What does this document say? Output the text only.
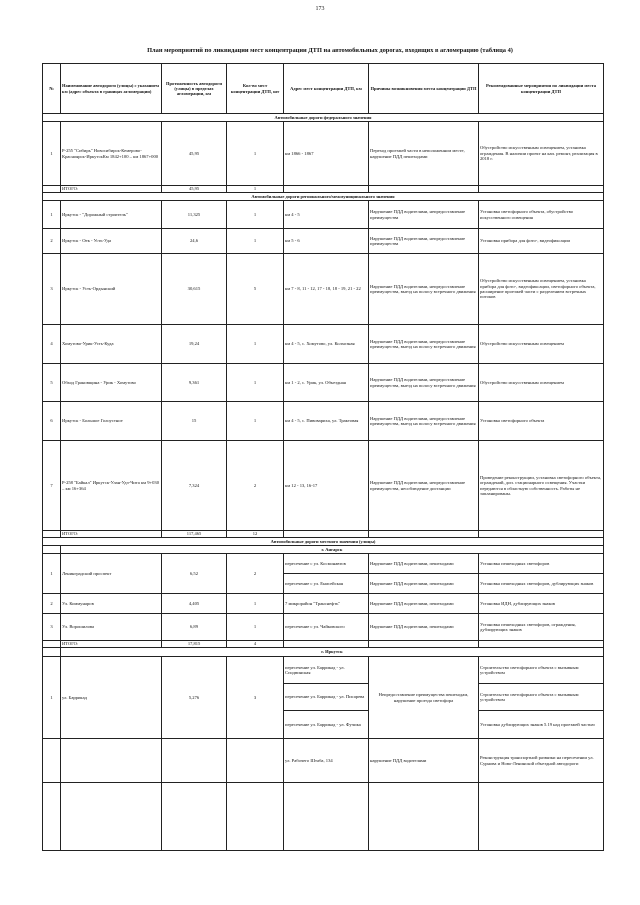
173
План мероприятий по ликвидации мест концентрации ДТП на автомобильных дорогах, входящих в агломерацию (таблица 4)
№	Наименование автодороги (улицы) с указанием км (адрес объекта в границах агломерации)	Протяженность автодороги (улицы) в пределах агломерации, км	Кол-во мест концентрации ДТП, шт	Адрес мест концентрации ДТП, км	Причины возникновения места концентрации ДТП	Рекомендованные мероприятия по ликвидации места концентрации ДТП
Автомобильные дороги федерального значения						
1	Р-255 "Сибирь" Новосибирск-Кемерово-Красноярск-ИркутскКм 1842+100 – км 1867+000	45,95	1	км 1866 - 1867	Переход проезжей части в неположенном месте, нарушение ПДД пешеходами	Обустройство искусственным освещением, установка ограждения. В наличии проект на кап. ремонт, реализация в 2018 г.
	ИТОГО:	45,95	1			
Автомобильные дороги регионального/межмуниципального значения						
1	Иркутск - "Дорожный строитель"	11,325	1	км 4 - 5	Нарушение ПДД водителями, непредоставление преимущества	Установка светофорного объекта, обустройство искусственного освещения
2	Иркутск - Оек - Усть-Уда	24,6	1	км 5 - 6	Нарушение ПДД водителями, непредоставление преимущества	Установка прибора для фото-, видеофиксации
3	Иркутск - Усть-Ордынский	30,615	5	км 7 - 8, 11 - 12, 17 - 18, 18 - 19, 21 - 22	Нарушение ПДД водителями, непредоставление преимущества, выезд на полосу встречного движения	Обустройство искусственным освещением, установка прибора для фото-, видеофиксации, светофорного объекта, расширение проезжей части с разделением встречных потоков
4	Хомутово-Урик-Усть-Куда	19,24	1	км 4 - 5, с. Хомутово, ул. Колхозная	Нарушение ПДД водителями, непредоставление преимущества, выезд на полосу встречного движения	Обустройство искусственным освещением
5	Обход Грановщина - Урик - Хомутово	9,361	1	км 1 - 2, с. Урик, ул. Объездная	Нарушение ПДД водителями, непредоставление преимущества, выезд на полосу встречного движения	Обустройство искусственным освещением
6	Иркутск - Большое Голоустное	15	1	км 4 - 5, с. Пивовариха, ул. Трактовая	Нарушение ПДД водителями, непредоставление преимущества, выезд на полосу встречного движения	Установка светофорного объекта
7	Р-258 "Байкал" Иркутск-Улан-Удэ-Чита км 9+030 – км 16+364	7,324	2	км 12 - 13, 16-17	Нарушение ПДД водителями, непредоставление преимущества, несоблюдение дистанции	Проведение реконструкции, установка светофорного объекта, ограждений, доп. стационарного освещения. Участки передаются в областную собственность. Работы не запланированы.
	ИТОГО:	117,465	12			
Автомобильные дороги местного значения (улицы)						
	г. Ангарск					
1	Ленинградский проспект	6,52	2	пересечение с ул. Космонавтов	Нарушение ПДД водителями, пешеходами	Установка пешеходных светофоров
				пересечение с ул. Енисейская	Нарушение ПДД водителями, пешеходами	Установка пешеходных светофоров, дублирующих знаков
2	Ул. Коммунаров	4,405	1	7 микрорайон "Транснефть"	Нарушение ПДД водителями, пешеходами	Установка ИДН, дублирующих знаков
3	Ул. Ворошилова	6,89	1	пересечение с ул. Чайковского	Нарушение ПДД водителями, пешеходами	Установка пешеходных светофоров, ограждения, дублирующих знаков
	ИТОГО:	17,815	4			
	г. Иркутск					
1	ул. Баррикад	5,276	3	пересечение ул. Баррикад - ул. Сподвинская	Непредоставление преимущества пешеходам, нарушение проезда светофора	Строительство светофорного объекта с вызывным устройством
				пересечение ул. Баррикад - ул. Писарева		Строительство светофорного объекта с вызывным устройством
				пересечение ул. Баррикад - ул. Фучика		Установка дублирующих знаков 5.19 над проезжей частью
				ул. Рабочего Штаба, 134	нарушение ПДД водителями	Реконструкция транспортной развязки на пересечении ул. Сурнова и Ново-Ленинской объездной автодороги
